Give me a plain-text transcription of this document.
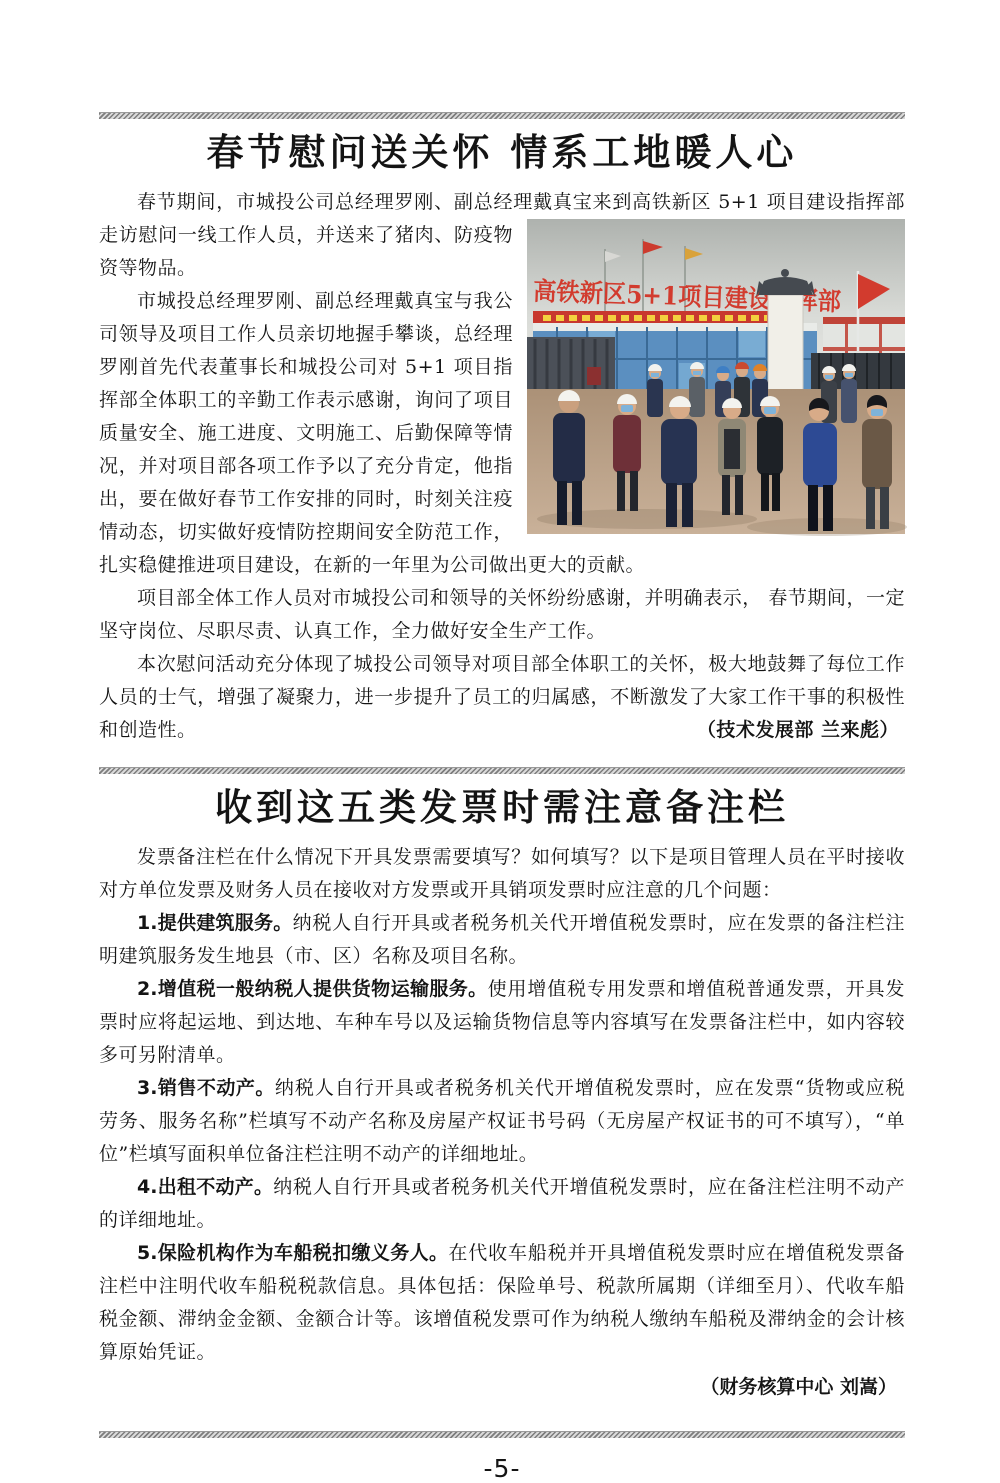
春节慰问送关怀 情系工地暖人心
高铁新区5+1项目建设指挥部

春节期间，市城投公司总经理罗刚、副总经理戴真宝来到高铁新区 5+1 项目建设指挥部走访慰问一线工作人员，并送来了猪肉、防疫物资等物品。

市城投总经理罗刚、副总经理戴真宝与我公司领导及项目工作人员亲切地握手攀谈，总经理罗刚首先代表董事长和城投公司对 5+1 项目指挥部全体职工的辛勤工作表示感谢，询问了项目质量安全、施工进度、文明施工、后勤保障等情况，并对项目部各项工作予以了充分肯定，他指出，要在做好春节工作安排的同时，时刻关注疫情动态，切实做好疫情防控期间安全防范工作，扎实稳健推进项目建设，在新的一年里为公司做出更大的贡献。

项目部全体工作人员对市城投公司和领导的关怀纷纷感谢，并明确表示， 春节期间，一定坚守岗位、尽职尽责、认真工作，全力做好安全生产工作。

本次慰问活动充分体现了城投公司领导对项目部全体职工的关怀，极大地鼓舞了每位工作人员的士气，增强了凝聚力，进一步提升了员工的归属感，不断激发了大家工作干事的积极性和创造性。	（技术发展部 兰来彪）

收到这五类发票时需注意备注栏

发票备注栏在什么情况下开具发票需要填写？如何填写？以下是项目管理人员在平时接收对方单位发票及财务人员在接收对方发票或开具销项发票时应注意的几个问题：

1.提供建筑服务。纳税人自行开具或者税务机关代开增值税发票时，应在发票的备注栏注明建筑服务发生地县（市、区）名称及项目名称。

2.增值税一般纳税人提供货物运输服务。使用增值税专用发票和增值税普通发票，开具发票时应将起运地、到达地、车种车号以及运输货物信息等内容填写在发票备注栏中，如内容较多可另附清单。

3.销售不动产。纳税人自行开具或者税务机关代开增值税发票时，应在发票“货物或应税劳务、服务名称”栏填写不动产名称及房屋产权证书号码（无房屋产权证书的可不填写），“单位”栏填写面积单位备注栏注明不动产的详细地址。

4.出租不动产。纳税人自行开具或者税务机关代开增值税发票时，应在备注栏注明不动产的详细地址。

5.保险机构作为车船税扣缴义务人。在代收车船税并开具增值税发票时应在增值税发票备注栏中注明代收车船税税款信息。具体包括：保险单号、税款所属期（详细至月）、代收车船税金额、滞纳金金额、金额合计等。该增值税发票可作为纳税人缴纳车船税及滞纳金的会计核算原始凭证。

（财务核算中心 刘嵩）

-5-
